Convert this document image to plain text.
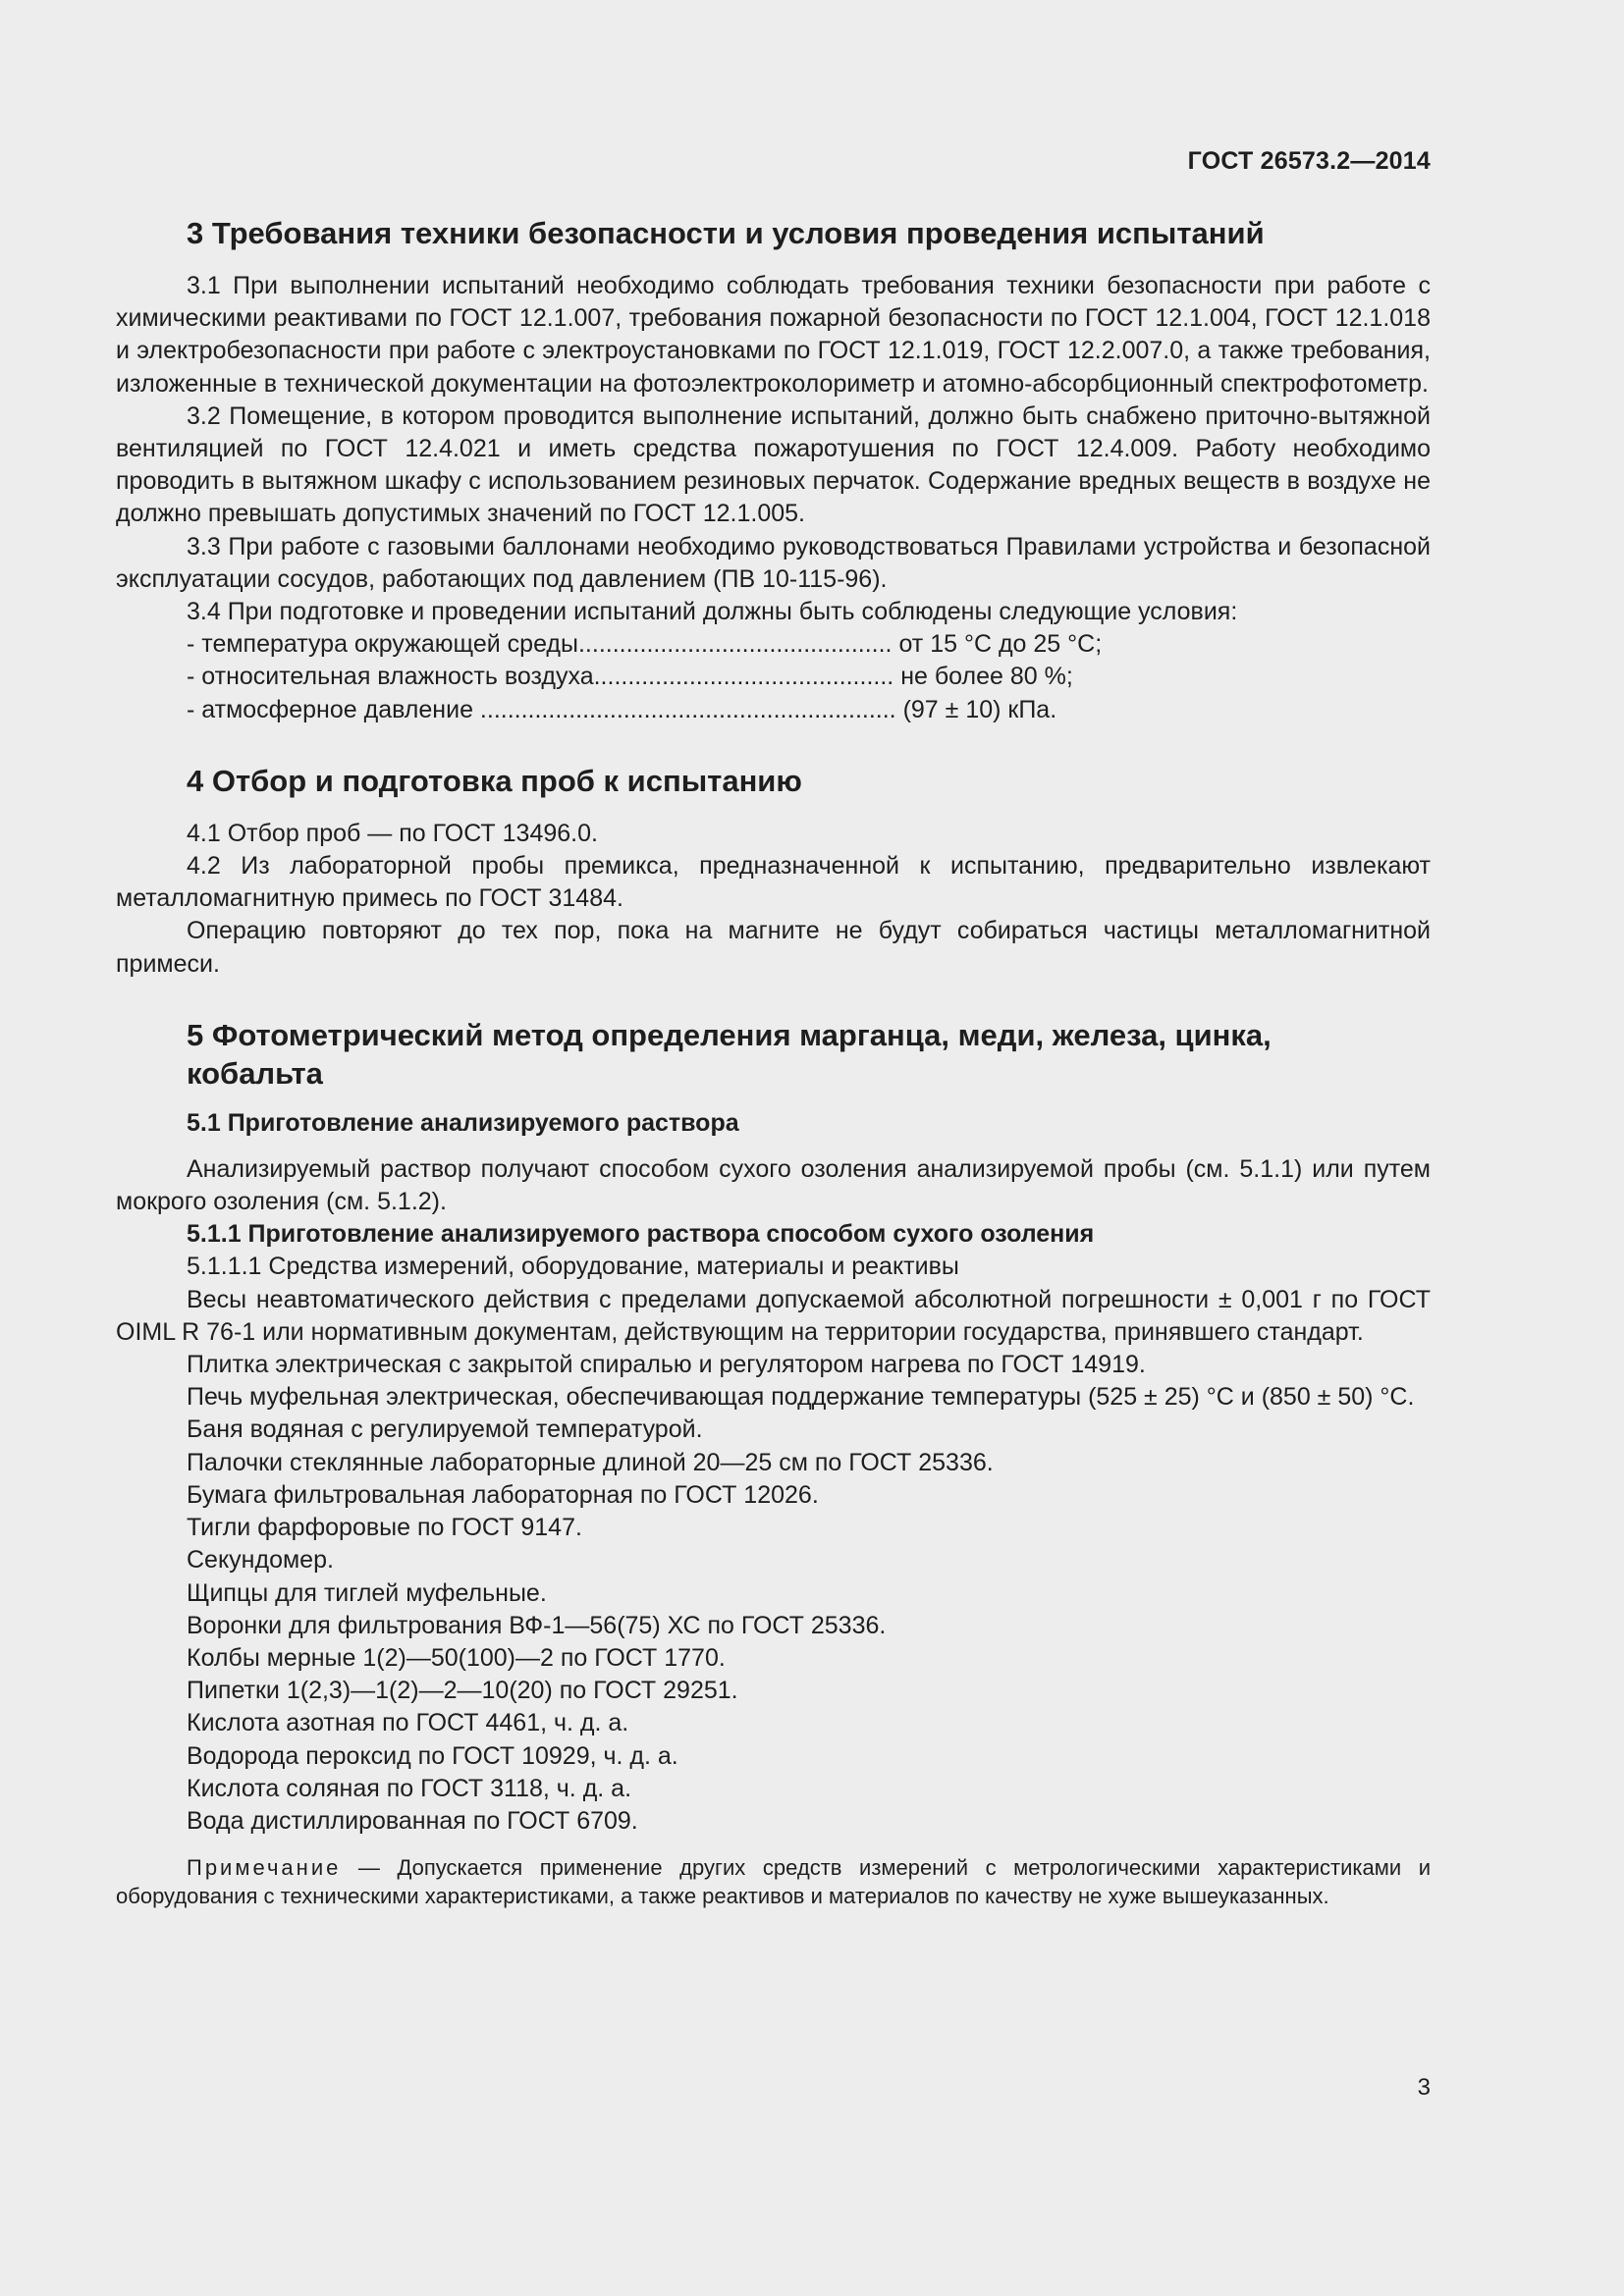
ГОСТ 26573.2—2014
3 Требования техники безопасности и условия проведения испытаний

3.1 При выполнении испытаний необходимо соблюдать требования техники безопасности при работе с химическими реактивами по ГОСТ 12.1.007, требования пожарной безопасности по ГОСТ 12.1.004, ГОСТ 12.1.018 и электробезопасности при работе с электроустановками по ГОСТ 12.1.019, ГОСТ 12.2.007.0, а также требования, изложенные в технической документации на фотоэлектроколориметр и атомно-абсорбционный спектрофотометр.

3.2 Помещение, в котором проводится выполнение испытаний, должно быть снабжено приточно-вытяжной вентиляцией по ГОСТ 12.4.021 и иметь средства пожаротушения по ГОСТ 12.4.009. Работу необходимо проводить в вытяжном шкафу с использованием резиновых перчаток. Содержание вредных веществ в воздухе не должно превышать допустимых значений по ГОСТ 12.1.005.

3.3 При работе с газовыми баллонами необходимо руководствоваться Правилами устройства и безопасной эксплуатации сосудов, работающих под давлением (ПВ 10-115-96).

3.4 При подготовке и проведении испытаний должны быть соблюдены следующие условия:

- температура окружающей среды.............................................. от 15 °С до 25 °С;
- относительная влажность воздуха............................................ не более 80 %;
- атмосферное давление ............................................................. (97 ± 10) кПа.
4 Отбор и подготовка проб к испытанию

4.1 Отбор проб — по ГОСТ 13496.0.

4.2 Из лабораторной пробы премикса, предназначенной к испытанию, предварительно извлекают металломагнитную примесь по ГОСТ 31484.

Операцию повторяют до тех пор, пока на магните не будут собираться частицы металломагнитной примеси.

5 Фотометрический метод определения марганца, меди, железа, цинка,
кобальта
5.1 Приготовление анализируемого раствора

Анализируемый раствор получают способом сухого озоления анализируемой пробы (см. 5.1.1) или путем мокрого озоления (см. 5.1.2).

5.1.1 Приготовление анализируемого раствора способом сухого озоления

5.1.1.1 Средства измерений, оборудование, материалы и реактивы

Весы неавтоматического действия с пределами допускаемой абсолютной погрешности ± 0,001 г по ГОСТ OIML R 76-1 или нормативным документам, действующим на территории государства, принявшего стандарт.

Плитка электрическая с закрытой спиралью и регулятором нагрева по ГОСТ 14919.

Печь муфельная электрическая, обеспечивающая поддержание температуры (525 ± 25) °С и (850 ± 50) °С.

Баня водяная с регулируемой температурой.

Палочки стеклянные лабораторные длиной 20—25 см по ГОСТ 25336.

Бумага фильтровальная лабораторная по ГОСТ 12026.

Тигли фарфоровые по ГОСТ 9147.

Секундомер.

Щипцы для тиглей муфельные.

Воронки для фильтрования ВФ-1—56(75) ХС по ГОСТ 25336.

Колбы мерные 1(2)—50(100)—2 по ГОСТ 1770.

Пипетки 1(2,3)—1(2)—2—10(20) по ГОСТ 29251.

Кислота азотная по ГОСТ 4461, ч. д. а.

Водорода пероксид по ГОСТ 10929, ч. д. а.

Кислота соляная по ГОСТ 3118, ч. д. а.

Вода дистиллированная по ГОСТ 6709.

Примечание — Допускается применение других средств измерений с метрологическими характеристиками и оборудования с техническими характеристиками, а также реактивов и материалов по качеству не хуже вышеуказанных.

3
